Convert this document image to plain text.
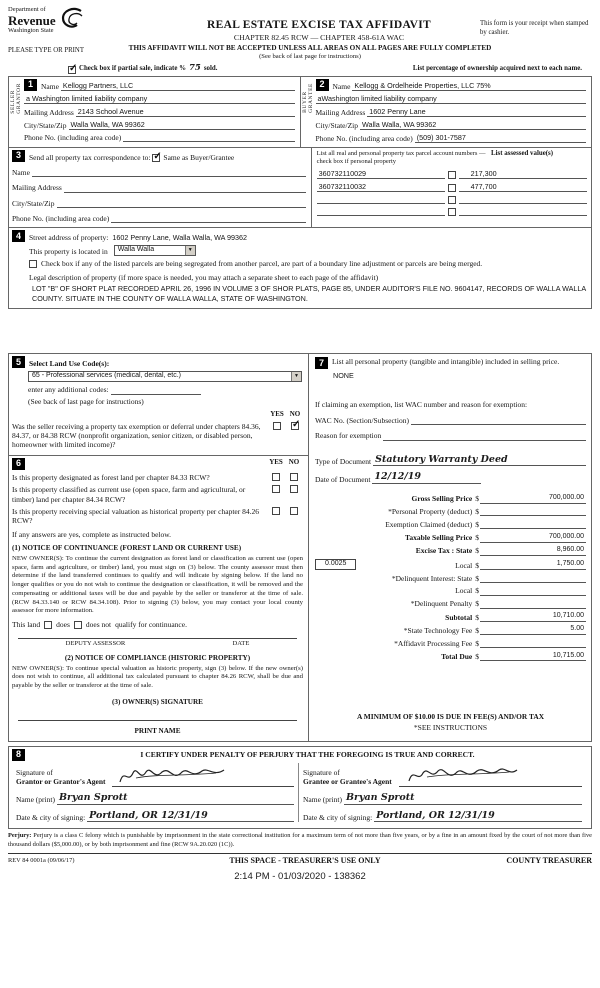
Department of
Revenue
Washington State	REAL ESTATE EXCISE TAX AFFIDAVIT
CHAPTER 82.45 RCW — CHAPTER 458-61A WAC
This form is your receipt when stamped by cashier.
PLEASE TYPE OR PRINT	THIS AFFIDAVIT WILL NOT BE ACCEPTED UNLESS ALL AREAS ON ALL PAGES ARE FULLY COMPLETED
(See back of last page for instructions)
✓
Check box if partial sale, indicate % 75 sold.	List percentage of ownership acquired next to each name.
SELLER GRANTOR 1	Name Kellogg Partners, LLC
a Washington limited liability company
Mailing Address 2143 School Avenue
City/State/Zip Walla Walla, WA 99362
Phone No. (including area code)
BUYER GRANTEE 2	Name Kellogg & Ordelheide Properties, LLC 75%
aWashington limited liability company
Mailing Address 1602 Penny Lane
City/State/Zip Walla Walla, WA 99362
Phone No. (including area code) (509) 301-7587
3	Send all property tax correspondence to: ✓	Same as Buyer/Grantee
Name
Mailing Address
City/State/Zip
Phone No. (including area code)
List all real and personal property tax parcel account numbers — check box if personal property
List assessed value(s)
360732110029	217,300
360732110032	477,700
4	Street address of property: 1602 Penny Lane, Walla Walla, WA 99362
This property is located in	Walla Walla	▼
Check box if any of the listed parcels are being segregated from another parcel, are part of a boundary line adjustment or parcels are being merged.
Legal description of property (if more space is needed, you may attach a separate sheet to each page of the affidavit)
LOT "B" OF SHORT PLAT RECORDED APRIL 26, 1996 IN VOLUME 3 OF SHOR PLATS, PAGE 85, UNDER AUDITOR'S FILE NO. 9604147, RECORDS OF WALLA WALLA COUNTY. SITUATE IN THE COUNTY OF WALLA WALLA, STATE OF WASHINGTON.
5	Select Land Use Code(s):
65 - Professional services (medical, dental, etc.)	▼
enter any additional codes:
(See back of last page for instructions)
YES NO
Was the seller receiving a property tax exemption or deferral under chapters 84.36, 84.37, or 84.38 RCW (nonprofit organization, senior citizen, or disabled person, homeowner with limited income)?
✓
6	YES NO
Is this property designated as forest land per chapter 84.33 RCW?
Is this property classified as current use (open space, farm and agricultural, or timber) land per chapter 84.34 RCW?
Is this property receiving special valuation as historical property per chapter 84.26 RCW?
If any answers are yes, complete as instructed below.
(1) NOTICE OF CONTINUANCE (FOREST LAND OR CURRENT USE)
NEW OWNER(S): To continue the current designation as forest land or classification as current use (open space, farm and agriculture, or timber) land, you must sign on (3) below. The county assessor must then determine if the land transferred continues to qualify and will indicate by signing below. If the land no longer qualifies or you do not wish to continue the designation or classification, it will be removed and the compensating or additional taxes will be due and payable by the seller or transferor at the time of sale. (RCW 84.33.140 or RCW 84.34.108). Prior to signing (3) below, you may contact your local county assessor for more information.
This land does does not qualify for continuance.
DEPUTY ASSESSOR	DATE
(2) NOTICE OF COMPLIANCE (HISTORIC PROPERTY)
NEW OWNER(S): To continue special valuation as historic property, sign (3) below. If the new owner(s) does not wish to continue, all additional tax calculated pursuant to chapter 84.26 RCW, shall be due and payable by the seller or transferor at the time of sale.
(3) OWNER(S) SIGNATURE
PRINT NAME
7	List all personal property (tangible and intangible) included in selling price.
NONE
If claiming an exemption, list WAC number and reason for exemption:
WAC No. (Section/Subsection)
Reason for exemption
Type of Document Statutory Warranty Deed
Date of Document 12/12/19
Gross Selling Price $	700,000.00
*Personal Property (deduct) $
Exemption Claimed (deduct) $
Taxable Selling Price $	700,000.00
Excise Tax : State $	8,960.00
0.0025	Local $	1,750.00
*Delinquent Interest: State $
Local $
*Delinquent Penalty $
Subtotal $	10,710.00
*State Technology Fee $	5.00
*Affidavit Processing Fee $
Total Due $	10,715.00
A MINIMUM OF $10.00 IS DUE IN FEE(S) AND/OR TAX
*SEE INSTRUCTIONS
8	I CERTIFY UNDER PENALTY OF PERJURY THAT THE FOREGOING IS TRUE AND CORRECT.
Signature of
Grantor or Grantor's Agent
Name (print) Bryan Sprott
Date & city of signing: Portland, OR 12/31/19
Signature of
Grantee or Grantee's Agent
Name (print) Bryan Sprott
Date & city of signing: Portland, OR 12/31/19
Perjury: Perjury is a class C felony which is punishable by imprisonment in the state correctional institution for a maximum term of not more than five years, or by a fine in an amount fixed by the court of not more than five thousand dollars ($5,000.00), or by both imprisonment and fine (RCW 9A.20.020 (1C)).
REV 84 0001a (09/06/17)	THIS SPACE - TREASURER'S USE ONLY	COUNTY TREASURER
2:14 PM - 01/03/2020 - 138362
